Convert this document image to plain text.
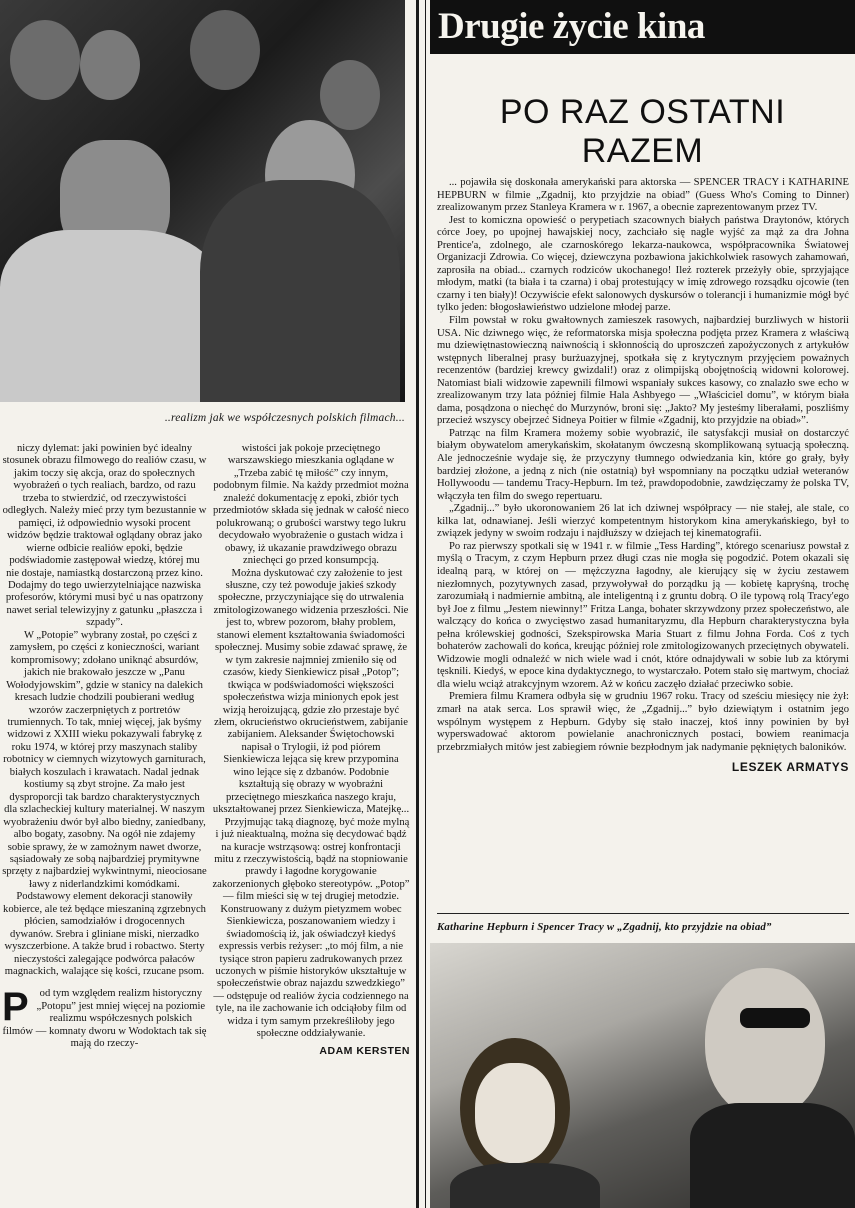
..realizm jak we współczesnych polskich filmach...

niczy dylemat: jaki powinien być idealny stosunek obrazu filmowego do realiów czasu, w jakim toczy się akcja, oraz do społecznych wyobrażeń o tych realiach, bardzo, od razu trzeba to stwierdzić, od rzeczywistości odległych. Należy mieć przy tym bezustannie w pamięci, iż odpowiednio wysoki procent widzów będzie traktował oglądany obraz jako wierne odbicie realiów epoki, będzie podświadomie zastępował wiedzę, której mu nie dostaje, namiastką dostarczoną przez kino. Dodajmy do tego uwierzytelniające nazwiska profesorów, którymi musi być u nas opatrzony nawet serial telewizyjny z gatunku „płaszcza i szpady”.

W „Potopie” wybrany został, po części z zamysłem, po części z konieczności, wariant kompromisowy; zdołano uniknąć absurdów, jakich nie brakowało jeszcze w „Panu Wołodyjowskim”, gdzie w stanicy na dalekich kresach ludzie chodzili poubierani według wzorów zaczerpniętych z portretów trumiennych. To tak, mniej więcej, jak byśmy widzowi z XXIII wieku pokazywali fabrykę z roku 1974, w której przy maszynach staliby robotnicy w ciemnych wizytowych garniturach, białych koszulach i krawatach. Nadal jednak kostiumy są zbyt strojne. Za mało jest dysproporcji tak bardzo charakterystycznych dla szlacheckiej kultury materialnej. W naszym wyobrażeniu dwór był albo biedny, zaniedbany, albo bogaty, zasobny. Na ogół nie zdajemy sobie sprawy, że w zamożnym nawet dworze, sąsiadowały ze sobą najbardziej prymitywne sprzęty z najbardziej wykwintnymi, nieociosane ławy z niderlandzkimi komódkami. Podstawowy element dekoracji stanowiły kobierce, ale też będące mieszaniną zgrzebnych płócien, samodziałów i drogocennych dywanów. Srebra i gliniane miski, nierzadko wyszczerbione. A także brud i robactwo. Sterty nieczystości zalegające podwórca pałaców magnackich, walające się kości, rzucane psom.

P od tym względem realizm historyczny „Potopu” jest mniej więcej na poziomie realizmu współczesnych polskich filmów — komnaty dworu w Wodoktach tak się mają do rzeczy-

wistości jak pokoje przeciętnego warszawskiego mieszkania oglądane w „Trzeba zabić tę miłość” czy innym, podobnym filmie. Na każdy przedmiot można znaleźć dokumentację z epoki, zbiór tych przedmiotów składa się jednak w całość nieco polukrowaną; o grubości warstwy tego lukru decydowało wyobrażenie o gustach widza i obawy, iż ukazanie prawdziwego obrazu zniechęci go przed konsumpcją.

Można dyskutować czy założenie to jest słuszne, czy też powoduje jakieś szkody społeczne, przyczyniające się do utrwalenia zmitologizowanego widzenia przeszłości. Nie jest to, wbrew pozorom, błahy problem, stanowi element kształtowania świadomości społecznej. Musimy sobie zdawać sprawę, że w tym zakresie najmniej zmieniło się od czasów, kiedy Sienkiewicz pisał „Potop”; tkwiąca w podświadomości większości społeczeństwa wizja minionych epok jest wizją heroizującą, gdzie zło przestaje być złem, okrucieństwo okrucieństwem, zabijanie zabijaniem. Aleksander Świętochowski napisał o Trylogii, iż pod piórem Sienkiewicza lejąca się krew przypomina wino lejące się z dzbanów. Podobnie kształtują się obrazy w wyobraźni przeciętnego mieszkańca naszego kraju, ukształtowanej przez Sienkiewicza, Matejkę...

Przyjmując taką diagnozę, być może mylną i już nieaktualną, można się decydować bądź na kuracje wstrząsową: ostrej konfrontacji mitu z rzeczywistością, bądź na stopniowanie prawdy i łagodne korygowanie zakorzenionych głęboko stereotypów. „Potop” — film mieści się w tej drugiej metodzie. Konstruowany z dużym pietyzmem wobec Sienkiewicza, poszanowaniem wiedzy i świadomością iż, jak oświadczył kiedyś expressis verbis reżyser: „to mój film, a nie tysiące stron papieru zadrukowanych przez uczonych w piśmie historyków ukształtuje w społeczeństwie obraz najazdu szwedzkiego” — odstępuje od realiów życia codziennego na tyle, na ile zachowanie ich odciąłoby film od widza i tym samym przekreśliłoby jego społeczne oddziaływanie.

ADAM KERSTEN
Drugie życie kina
PO RAZ OSTATNI
RAZEM

... pojawiła się doskonała amerykański para aktorska — SPENCER TRACY i KATHARINE HEPBURN w filmie „Zgadnij, kto przyjdzie na obiad” (Guess Who's Coming to Dinner) zrealizowanym przez Stanleya Kramera w r. 1967, a obecnie zaprezentowanym przez TV.

Jest to komiczna opowieść o perypetiach szacownych białych państwa Draytonów, których córce Joey, po upojnej hawajskiej nocy, zachciało się nagle wyjść za mąż za dra Johna Prentice'a, zdolnego, ale czarnoskórego lekarza-naukowca, współpracownika Światowej Organizacji Zdrowia. Co więcej, dziewczyna pozbawiona jakichkolwiek rasowych zahamowań, zaprosiła na obiad... czarnych rodziców ukochanego! Ileż rozterek przeżyły obie, sprzyjające młodym, matki (ta biała i ta czarna) i obaj protestujący w imię zdrowego rozsądku ojcowie (ten czarny i ten biały)! Oczywiście efekt salonowych dyskursów o tolerancji i humanizmie mógł być tylko jeden: błogosławieństwo udzielone młodej parze.

Film powstał w roku gwałtownych zamieszek rasowych, najbardziej burzliwych w historii USA. Nic dziwnego więc, że reformatorska misja społeczna podjęta przez Kramera z właściwą mu dziewiętnastowieczną naiwnością i skłonnością do uproszczeń zapożyczonych z artykułów wstępnych liberalnej prasy burżuazyjnej, spotkała się z krytycznym przyjęciem poważnych recenzentów (bardziej krewcy gwizdali!) oraz z olimpijską obojętnością widowni kolorowej. Natomiast biali widzowie zapewnili filmowi wspaniały sukces kasowy, co znalazło swe echo w zrealizowanym trzy lata później filmie Hala Ashbyego — „Właściciel domu”, w którym biała dama, posądzona o niechęć do Murzynów, broni się: „Jakto? My jesteśmy liberałami, poszliśmy przecież wszyscy obejrzeć Sidneya Poitier w filmie «Zgadnij, kto przyjdzie na obiad»”.

Patrząc na film Kramera możemy sobie wyobrazić, ile satysfakcji musiał on dostarczyć białym obywatelom amerykańskim, skołatanym ówczesną skomplikowaną sytuacją społeczną. Ale jednocześnie wydaje się, że przyczyny tłumnego odwiedzania kin, które go grały, były bardziej złożone, a jedną z nich (nie ostatnią) był wspomniany na początku udział weteranów Hollywoodu — tandemu Tracy-Hepburn. Im też, prawdopodobnie, zawdzięczamy że polska TV, włączyła ten film do swego repertuaru.

„Zgadnij...” było ukoronowaniem 26 lat ich dziwnej współpracy — nie stałej, ale stale, co kilka lat, odnawianej. Jeśli wierzyć kompetentnym historykom kina amerykańskiego, był to związek jedyny w swoim rodzaju i najdłuższy w dziejach tej kinematografii.

Po raz pierwszy spotkali się w 1941 r. w filmie „Tess Harding”, którego scenariusz powstał z myślą o Tracym, z czym Hepburn przez długi czas nie mogła się pogodzić. Potem okazali się idealną parą, w której on — mężczyzna łagodny, ale kierujący się w życiu zestawem niezłomnych, pozytywnych zasad, przywoływał do porządku ją — kobietę kapryśną, trochę zarozumiałą i nadmiernie ambitną, ale inteligentną i z gruntu dobrą. O ile typową rolą Tracy'ego był Joe z filmu „Jestem niewinny!” Fritza Langa, bohater skrzywdzony przez społeczeństwo, ale walczący do końca o zwycięstwo zasad humanitaryzmu, dla Hepburn charakterystyczna była pełna królewskiej godności, Szekspirowska Maria Stuart z filmu Johna Forda. Coś z tych bohaterów zachowali do końca, kreując później role zmitologizowanych przeciętnych obywateli. Widzowie mogli odnaleźć w nich wiele wad i cnót, które odnajdywali w sobie lub za którymi tęsknili. Kiedyś, w epoce kina dydaktycznego, to wystarczało. Potem stało się martwym, chociaż dla wielu wciąż atrakcyjnym wzorem. Aż w końcu zaczęło działać przeciwko sobie.

Premiera filmu Kramera odbyła się w grudniu 1967 roku. Tracy od sześciu miesięcy nie żył: zmarł na atak serca. Los sprawił więc, że „Zgadnij...” było dziewiątym i ostatnim jego wspólnym występem z Hepburn. Gdyby się stało inaczej, ktoś inny powinien by był wyperswadować aktorom powielanie anachronicznych postaci, bowiem reanimacja przebrzmiałych mitów jest zabiegiem równie bezpłodnym jak nadymanie pękniętych baloników.

LESZEK ARMATYS
Katharine Hepburn i Spencer Tracy w „Zgadnij, kto przyjdzie na obiad”
